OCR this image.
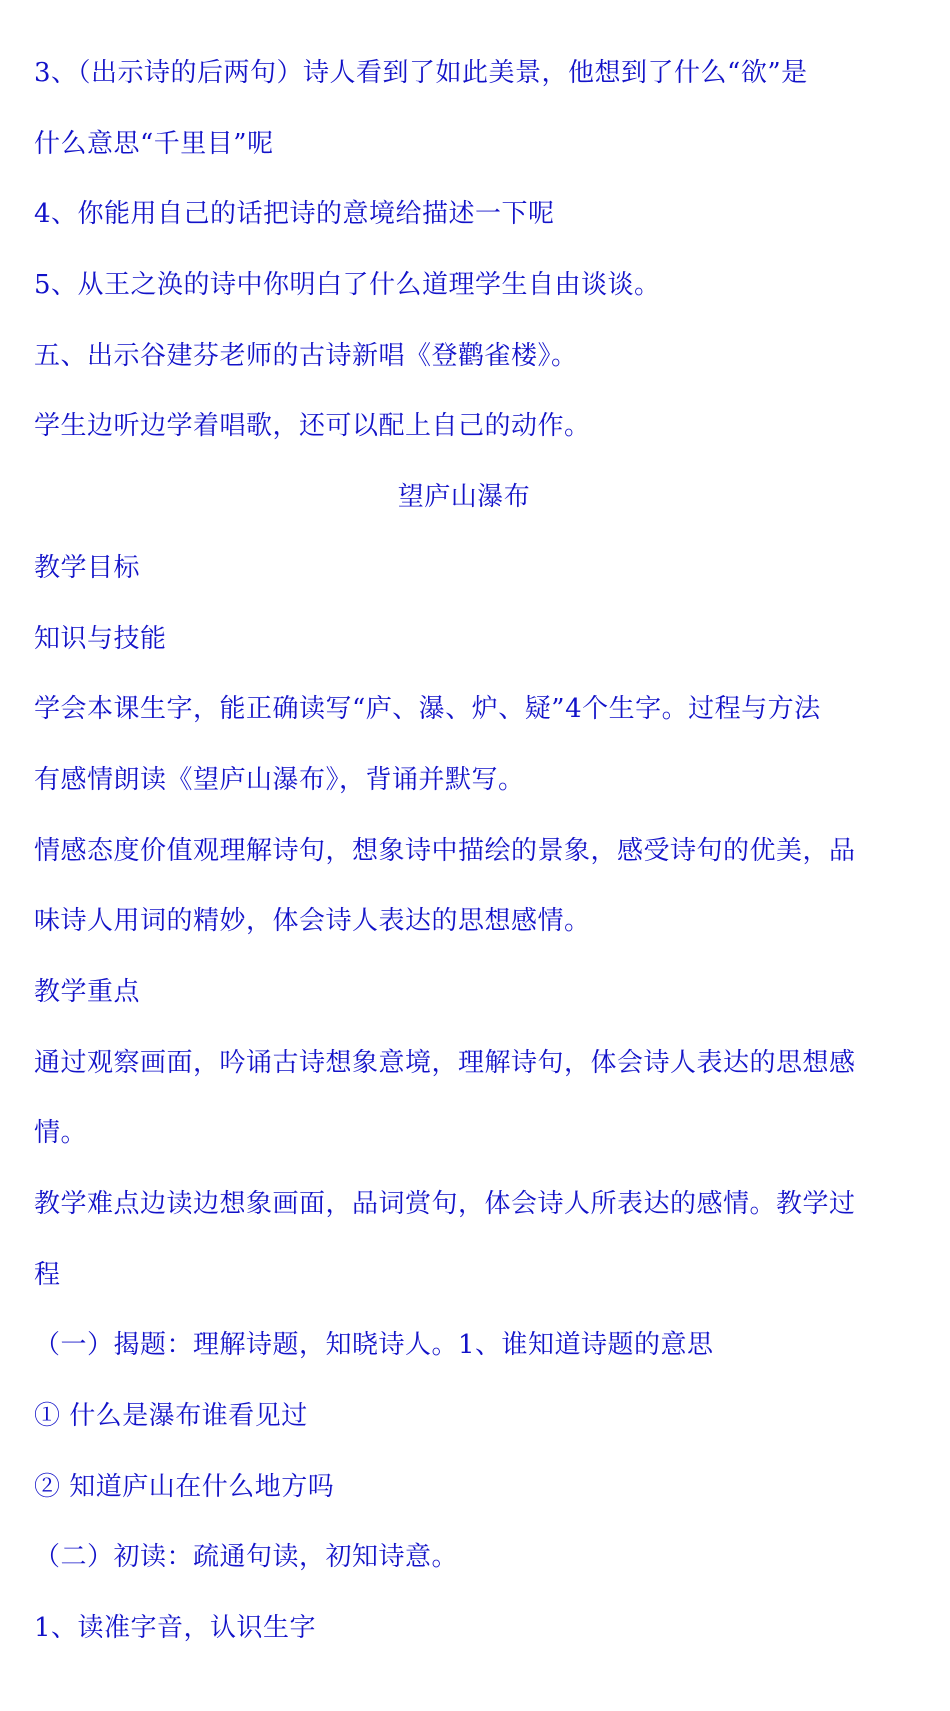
3、（出示诗的后两句）诗人看到了如此美景，他想到了什么“欲”是

什么意思“千里目”呢

4、你能用自己的话把诗的意境给描述一下呢

5、从王之涣的诗中你明白了什么道理学生自由谈谈。

五、出示谷建芬老师的古诗新唱《登鹳雀楼》。

学生边听边学着唱歌，还可以配上自己的动作。

望庐山瀑布

教学目标

知识与技能

学会本课生字，能正确读写“庐、瀑、炉、疑”4个生字。过程与方法

有感情朗读《望庐山瀑布》，背诵并默写。

情感态度价值观理解诗句，想象诗中描绘的景象，感受诗句的优美，品

味诗人用词的精妙，体会诗人表达的思想感情。

教学重点

通过观察画面，吟诵古诗想象意境，理解诗句，体会诗人表达的思想感

情。

教学难点边读边想象画面，品词赏句，体会诗人所表达的感情。教学过

程

（一）揭题：理解诗题，知晓诗人。1、谁知道诗题的意思

① 什么是瀑布谁看见过

② 知道庐山在什么地方吗

（二）初读：疏通句读，初知诗意。

1、读准字音，认识生字
